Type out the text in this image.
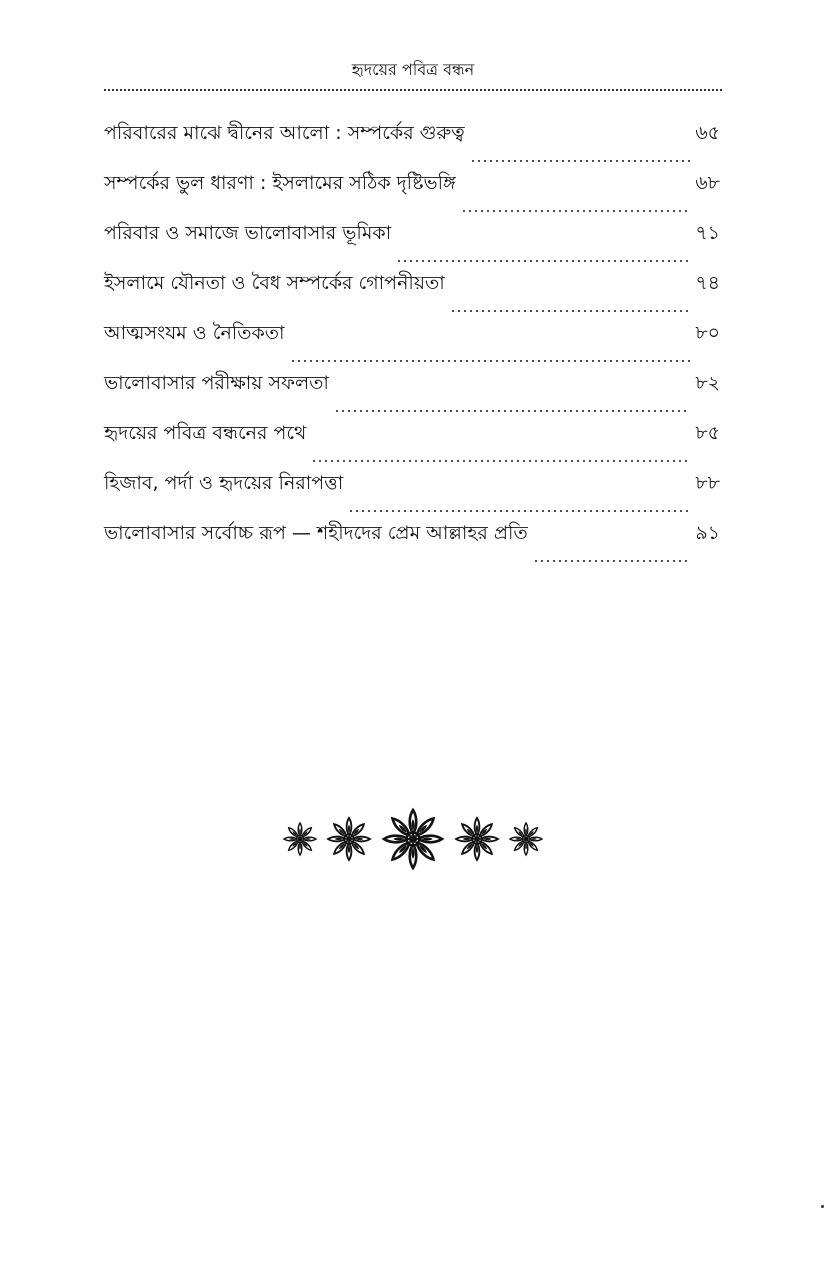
হৃদয়ের পবিত্র বন্ধন
পরিবারের মাঝে দ্বীনের আলো : সম্পর্কের গুরুত্ব	৬৫
সম্পর্কের ভুল ধারণা : ইসলামের সঠিক দৃষ্টিভঙ্গি	৬৮
পরিবার ও সমাজে ভালোবাসার ভূমিকা	৭১
ইসলামে যৌনতা ও বৈধ সম্পর্কের গোপনীয়তা	৭৪
আত্মসংযম ও নৈতিকতা	৮০
ভালোবাসার পরীক্ষায় সফলতা	৮২
হৃদয়ের পবিত্র বন্ধনের পথে	৮৫
হিজাব, পর্দা ও হৃদয়ের নিরাপত্তা	৮৮
ভালোবাসার সর্বোচ্চ রূপ — শহীদদের প্রেম আল্লাহর প্রতি	৯১
